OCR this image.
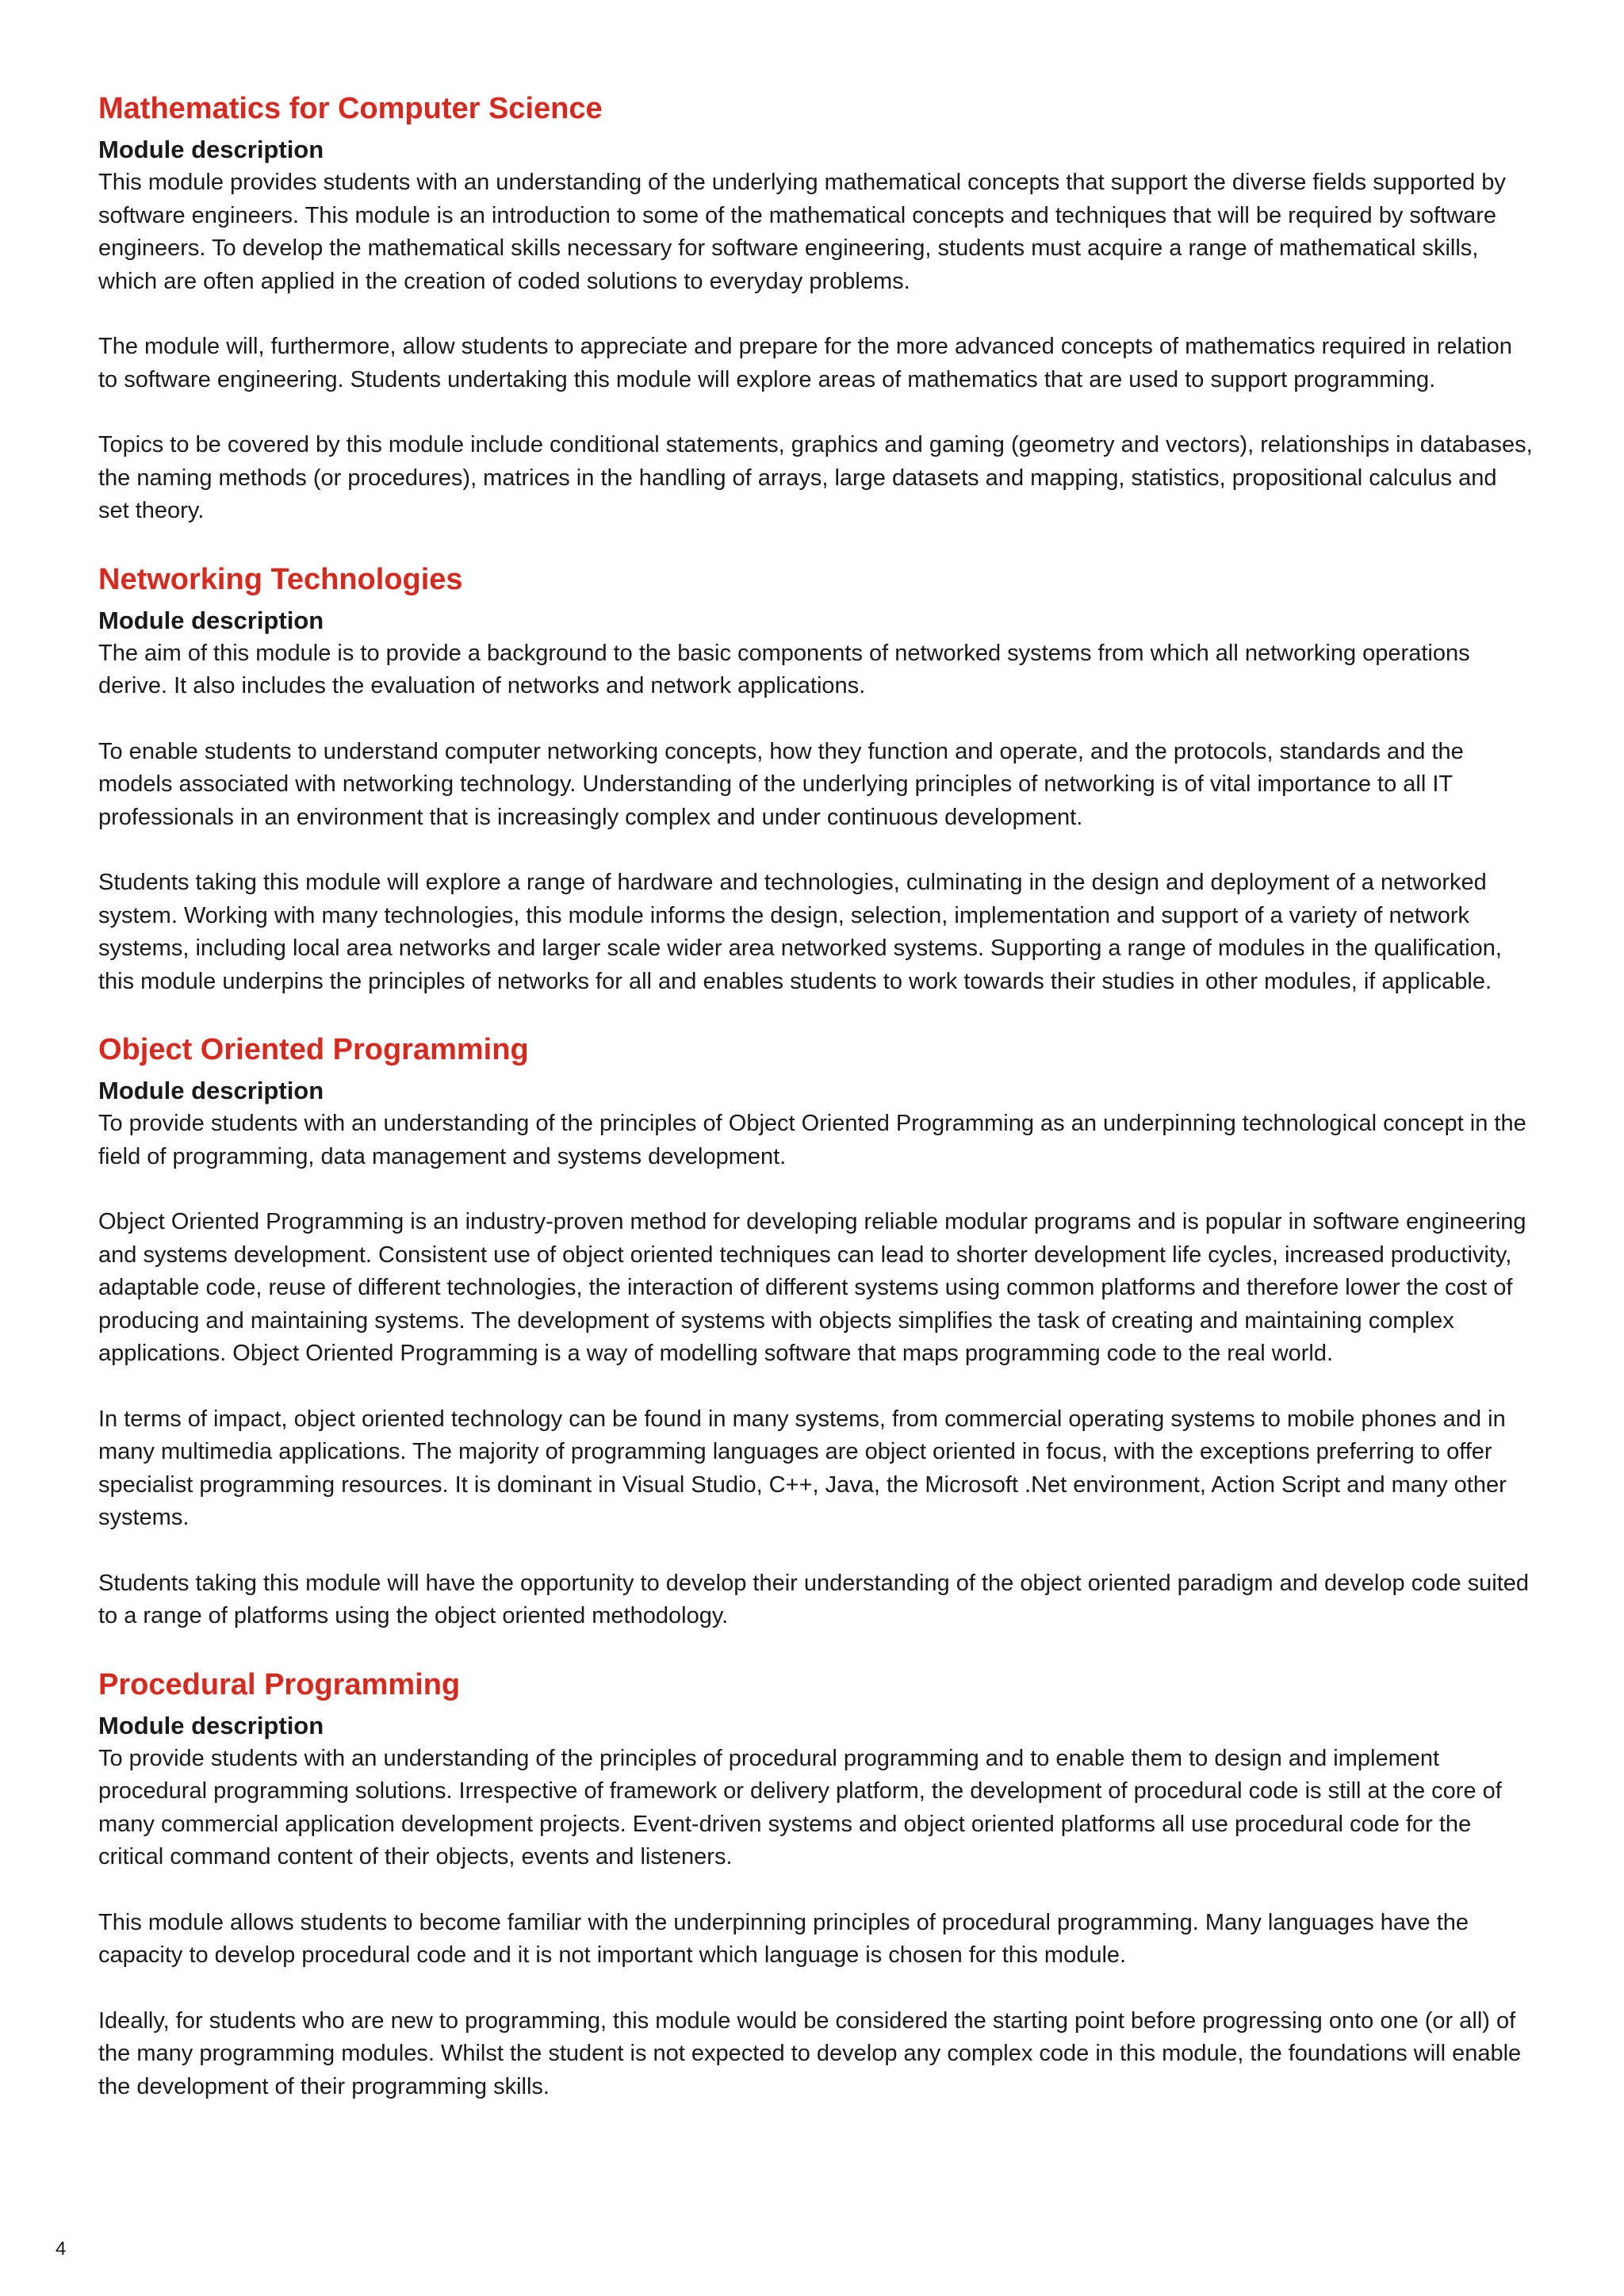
Mathematics for Computer Science
Module description

This module provides students with an understanding of the underlying mathematical concepts that support the diverse fields supported by software engineers. This module is an introduction to some of the mathematical concepts and techniques that will be required by software engineers. To develop the mathematical skills necessary for software engineering, students must acquire a range of mathematical skills, which are often applied in the creation of coded solutions to everyday problems.

The module will, furthermore, allow students to appreciate and prepare for the more advanced concepts of mathematics required in relation to software engineering. Students undertaking this module will explore areas of mathematics that are used to support programming.

Topics to be covered by this module include conditional statements, graphics and gaming (geometry and vectors), relationships in databases, the naming methods (or procedures), matrices in the handling of arrays, large datasets and mapping, statistics, propositional calculus and set theory.

Networking Technologies
Module description

The aim of this module is to provide a background to the basic components of networked systems from which all networking operations derive. It also includes the evaluation of networks and network applications.

To enable students to understand computer networking concepts, how they function and operate, and the protocols, standards and the models associated with networking technology. Understanding of the underlying principles of networking is of vital importance to all IT professionals in an environment that is increasingly complex and under continuous development.

Students taking this module will explore a range of hardware and technologies, culminating in the design and deployment of a networked system. Working with many technologies, this module informs the design, selection, implementation and support of a variety of network systems, including local area networks and larger scale wider area networked systems. Supporting a range of modules in the qualification, this module underpins the principles of networks for all and enables students to work towards their studies in other modules, if applicable.

Object Oriented Programming
Module description

To provide students with an understanding of the principles of Object Oriented Programming as an underpinning technological concept in the field of programming, data management and systems development.

Object Oriented Programming is an industry-proven method for developing reliable modular programs and is popular in software engineering and systems development. Consistent use of object oriented techniques can lead to shorter development life cycles, increased productivity, adaptable code, reuse of different technologies, the interaction of different systems using common platforms and therefore lower the cost of producing and maintaining systems. The development of systems with objects simplifies the task of creating and maintaining complex applications. Object Oriented Programming is a way of modelling software that maps programming code to the real world.

In terms of impact, object oriented technology can be found in many systems, from commercial operating systems to mobile phones and in many multimedia applications. The majority of programming languages are object oriented in focus, with the exceptions preferring to offer specialist programming resources. It is dominant in Visual Studio, C++, Java, the Microsoft .Net environment, Action Script and many other systems.

Students taking this module will have the opportunity to develop their understanding of the object oriented paradigm and develop code suited to a range of platforms using the object oriented methodology.

Procedural Programming
Module description

To provide students with an understanding of the principles of procedural programming and to enable them to design and implement procedural programming solutions. Irrespective of framework or delivery platform, the development of procedural code is still at the core of many commercial application development projects. Event-driven systems and object oriented platforms all use procedural code for the critical command content of their objects, events and listeners.

This module allows students to become familiar with the underpinning principles of procedural programming. Many languages have the capacity to develop procedural code and it is not important which language is chosen for this module.

Ideally, for students who are new to programming, this module would be considered the starting point before progressing onto one (or all) of the many programming modules. Whilst the student is not expected to develop any complex code in this module, the foundations will enable the development of their programming skills.

4
